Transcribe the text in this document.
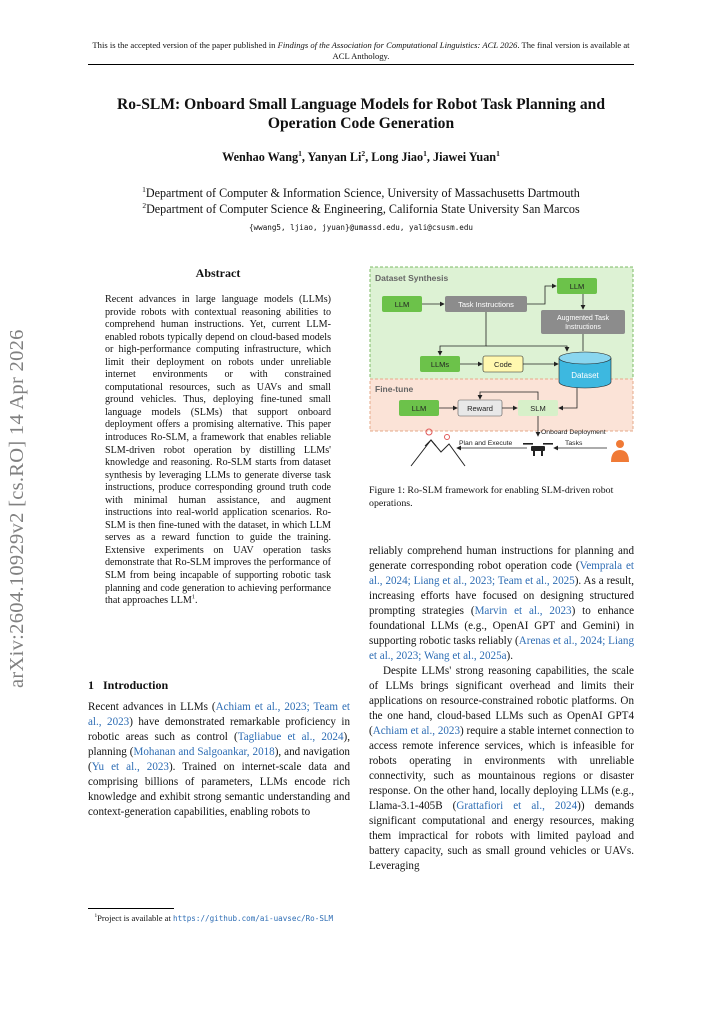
This is the accepted version of the paper published in Findings of the Association for Computational Linguistics: ACL 2026. The final version is available at ACL Anthology.
Ro-SLM: Onboard Small Language Models for Robot Task Planning and Operation Code Generation
Wenhao Wang$^1$, Yanyan Li$^2$, Long Jiao$^1$, Jiawei Yuan$^1$
$^1$Department of Computer & Information Science, University of Massachusetts Dartmouth
$^2$Department of Computer Science & Engineering, California State University San Marcos
{wwang5, ljiao, jyuan}@umassd.edu, yali@csusm.edu
arXiv:2604.10929v2 [cs.RO] 14 Apr 2026
Abstract
Recent advances in large language models (LLMs) provide robots with contextual reasoning abilities to comprehend human instructions. Yet, current LLM-enabled robots typically depend on cloud-based models or high-performance computing infrastructure, which limit their deployment on robots under unreliable internet environments or with constrained computational resources, such as UAVs and small ground vehicles. Thus, deploying fine-tuned small language models (SLMs) that support onboard deployment offers a promising alternative. This paper introduces Ro-SLM, a framework that enables reliable SLM-driven robot operation by distilling LLMs' knowledge and reasoning. Ro-SLM starts from dataset synthesis by leveraging LLMs to generate diverse task instructions, produce corresponding ground truth code with minimal human assistance, and augment instructions into real-world application scenarios. Ro-SLM is then fine-tuned with the dataset, in which LLM serves as a reward function to guide the training. Extensive experiments on UAV operation tasks demonstrate that Ro-SLM improves the performance of SLM from being incapable of supporting robotic task planning and code generation to achieving performance that approaches LLM$^1$.
1 Introduction
Recent advances in LLMs (Achiam et al., 2023; Team et al., 2023) have demonstrated remarkable proficiency in robotic areas such as control (Tagliabue et al., 2024), planning (Mohanan and Salgoankar, 2018), and navigation (Yu et al., 2023). Trained on internet-scale data and comprising billions of parameters, LLMs encode rich knowledge and exhibit strong semantic understanding and context-generation capabilities, enabling robots to
$^1$Project is available at https://github.com/ai-uavsec/Ro-SLM
Dataset Synthesis
Fine-tune
LLM	Task Instructions
LLM
Augmented Task
Instructions
LLMs	Code
Dataset
LLM	Reward	SLM
Onboard Deployment
Plan and Execute	Tasks
Figure 1: Ro-SLM framework for enabling SLM-driven robot operations.

reliably comprehend human instructions for planning and generate corresponding robot operation code (Vemprala et al., 2024; Liang et al., 2023; Team et al., 2025). As a result, increasing efforts have focused on designing structured prompting strategies (Marvin et al., 2023) to enhance foundational LLMs (e.g., OpenAI GPT and Gemini) in supporting robotic tasks reliably (Arenas et al., 2024; Liang et al., 2023; Wang et al., 2025a).

Despite LLMs' strong reasoning capabilities, the scale of LLMs brings significant overhead and limits their applications on resource-constrained robotic platforms. On the one hand, cloud-based LLMs such as OpenAI GPT4 (Achiam et al., 2023) require a stable internet connection to access remote inference services, which is infeasible for robots operating in environments with unreliable connectivity, such as mountainous regions or disaster response. On the other hand, locally deploying LLMs (e.g., Llama-3.1-405B (Grattafiori et al., 2024)) demands significant computational and energy resources, making them impractical for robots with limited payload and battery capacity, such as small ground vehicles or UAVs. Leveraging
